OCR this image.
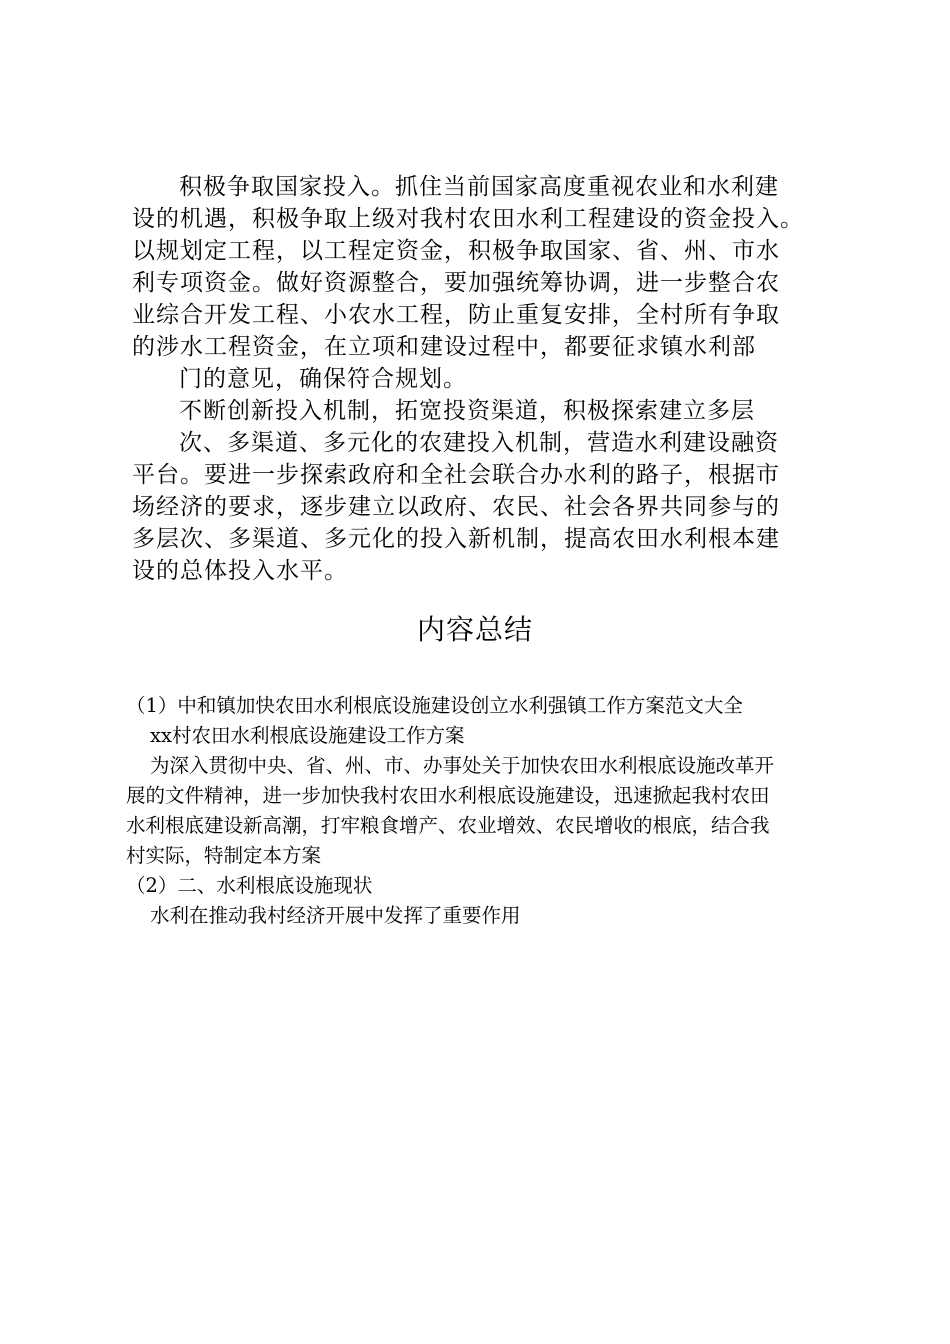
积极争取国家投入。抓住当前国家高度重视农业和水利建
设的机遇，积极争取上级对我村农田水利工程建设的资金投入。
以规划定工程，以工程定资金，积极争取国家、省、州、市水
利专项资金。做好资源整合，要加强统筹协调，进一步整合农
业综合开发工程、小农水工程，防止重复安排，全村所有争取
的涉水工程资金，在立项和建设过程中，都要征求镇水利部
门的意见，确保符合规划。
不断创新投入机制，拓宽投资渠道，积极探索建立多层
次、多渠道、多元化的农建投入机制，营造水利建设融资
平台。要进一步探索政府和全社会联合办水利的路子，根据市
场经济的要求，逐步建立以政府、农民、社会各界共同参与的
多层次、多渠道、多元化的投入新机制，提高农田水利根本建
设的总体投入水平。
内容总结
（1）中和镇加快农田水利根底设施建设创立水利强镇工作方案范文大全
xx村农田水利根底设施建设工作方案
为深入贯彻中央、省、州、市、办事处关于加快农田水利根底设施改革开
展的文件精神，进一步加快我村农田水利根底设施建设，迅速掀起我村农田
水利根底建设新高潮，打牢粮食增产、农业增效、农民增收的根底，结合我
村实际，特制定本方案
（2）二、水利根底设施现状
水利在推动我村经济开展中发挥了重要作用
